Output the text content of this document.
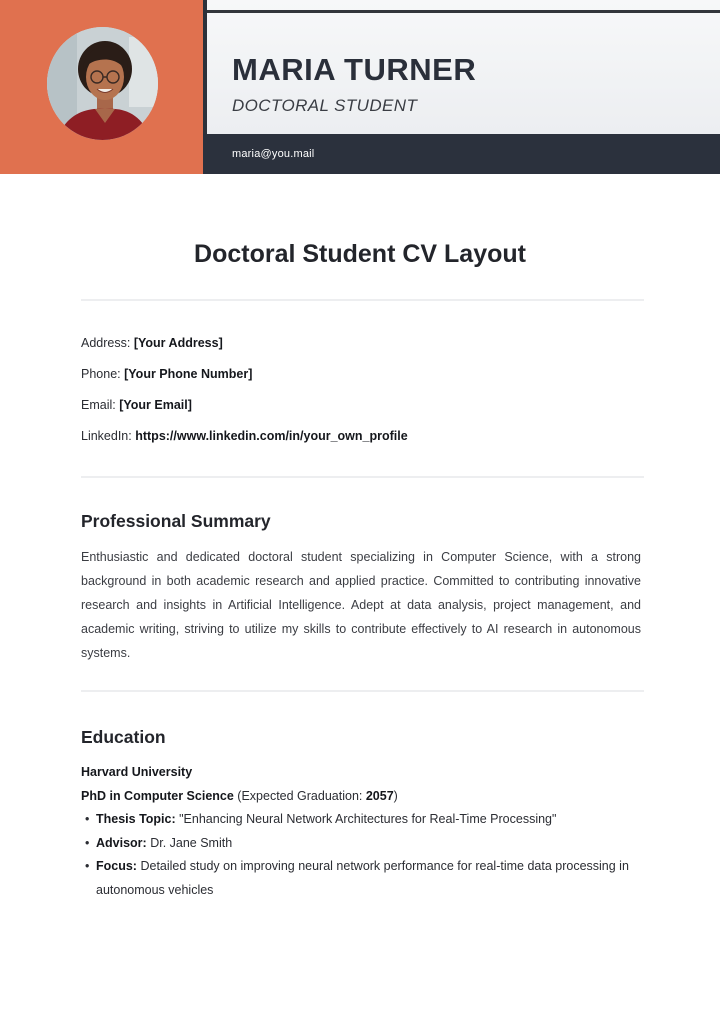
MARIA TURNER
DOCTORAL STUDENT
maria@you.mail
Doctoral Student CV Layout
Address: [Your Address]
Phone: [Your Phone Number]
Email: [Your Email]
LinkedIn: https://www.linkedin.com/in/your_own_profile
Professional Summary

Enthusiastic and dedicated doctoral student specializing in Computer Science, with a strong background in both academic research and applied practice. Committed to contributing innovative research and insights in Artificial Intelligence. Adept at data analysis, project management, and academic writing, striving to utilize my skills to contribute effectively to AI research in autonomous systems.

Education
Harvard University
PhD in Computer Science (Expected Graduation: 2057)
• Thesis Topic: "Enhancing Neural Network Architectures for Real-Time Processing"
• Advisor: Dr. Jane Smith
• Focus: Detailed study on improving neural network performance for real-time data processing in autonomous vehicles
